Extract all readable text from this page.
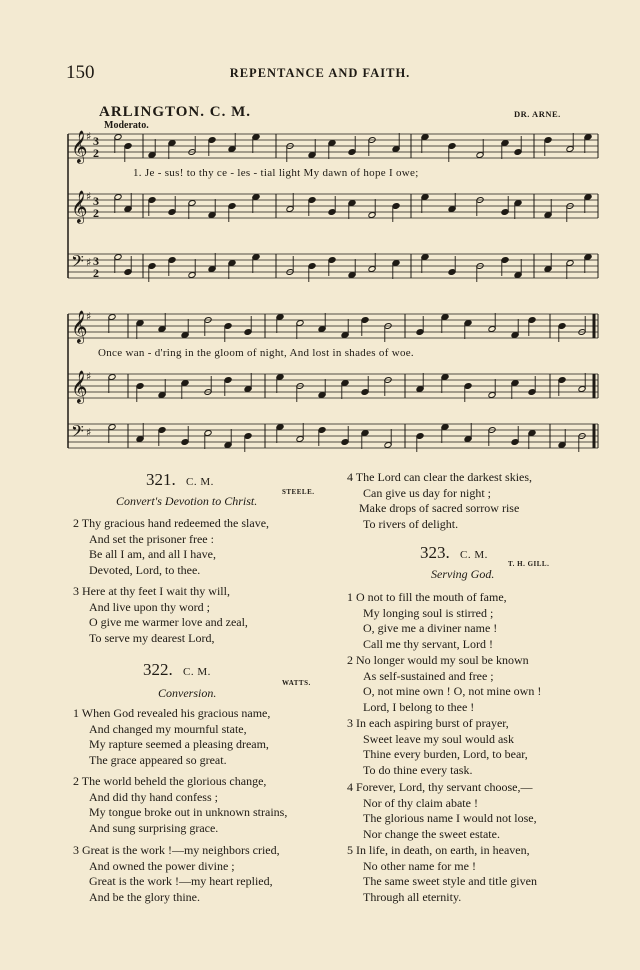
150	REPENTANCE AND FAITH.
ARLINGTON. C. M.	DR. ARNE.
Moderato.
𝄞
♯ 3
2
𝄞
♯ 3
2
𝄢 ♯ 3
2
𝄞
♯
𝄞
♯
𝄢 ♯
1. Je - sus! to thy ce - les - tial light My dawn of hope I owe;
Once wan - d'ring in the gloom of night, And lost in shades of woe.
321. C. M.
STEELE.
Convert's Devotion to Christ.
2 Thy gracious hand redeemed the slave,
And set the prisoner free :
Be all I am, and all I have,
Devoted, Lord, to thee.
3 Here at thy feet I wait thy will,
And live upon thy word ;
O give me warmer love and zeal,
To serve my dearest Lord,
322. C. M.
WATTS.
Conversion.
1 When God revealed his gracious name,
And changed my mournful state,
My rapture seemed a pleasing dream,
The grace appeared so great.
2 The world beheld the glorious change,
And did thy hand confess ;
My tongue broke out in unknown strains,
And sung surprising grace.
3 Great is the work !—my neighbors cried,
And owned the power divine ;
Great is the work !—my heart replied,
And be the glory thine.
4 The Lord can clear the darkest skies,
Can give us day for night ;
Make drops of sacred sorrow rise
To rivers of delight.
323. C. M.
T. H. GILL.
Serving God.
1 O not to fill the mouth of fame,
My longing soul is stirred ;
O, give me a diviner name !
Call me thy servant, Lord !
2 No longer would my soul be known
As self-sustained and free ;
O, not mine own ! O, not mine own !
Lord, I belong to thee !
3 In each aspiring burst of prayer,
Sweet leave my soul would ask
Thine every burden, Lord, to bear,
To do thine every task.
4 Forever, Lord, thy servant choose,—
Nor of thy claim abate !
The glorious name I would not lose,
Nor change the sweet estate.
5 In life, in death, on earth, in heaven,
No other name for me !
The same sweet style and title given
Through all eternity.
